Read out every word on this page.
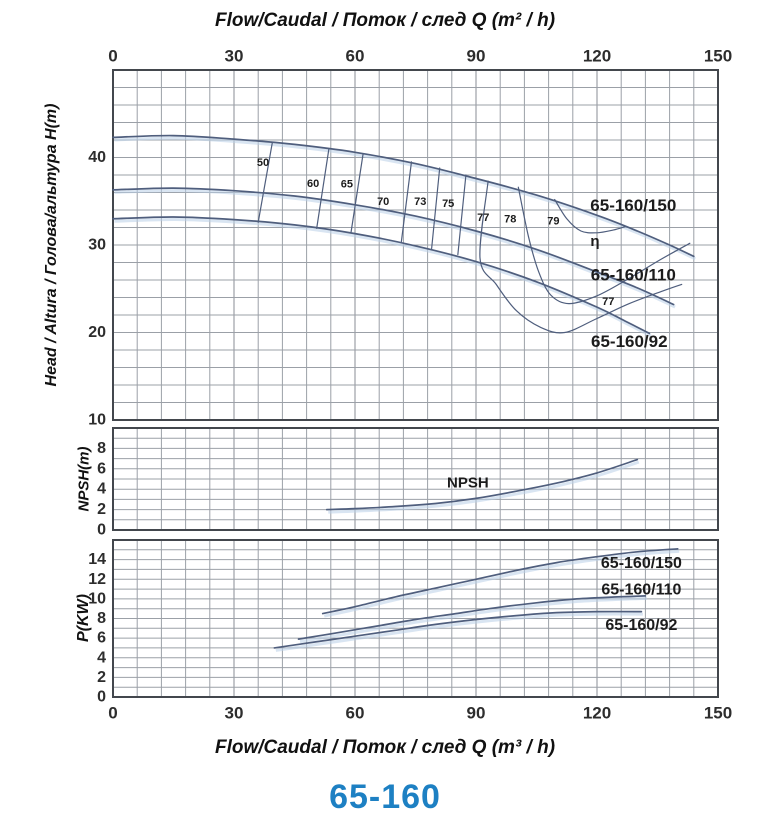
Flow/Caudal / Поток / след Q (m² / h)
Head / Altura / Голова/альтура H(m)
NPSH(m)
P(KW)
Flow/Caudal / Поток / след Q (m³ / h)
65-160
65-160/150
65-160/110
65-160/92
50
60 65
70 73 75
77 78	79
η
77
10
20
30
40
NPSH
0
2
4
6
8
65-160/150
65-160/110
65-160/92
0
2
4
6
8
10
12
14
0	30	60	90	120	150
0	30	60	90	120	150
